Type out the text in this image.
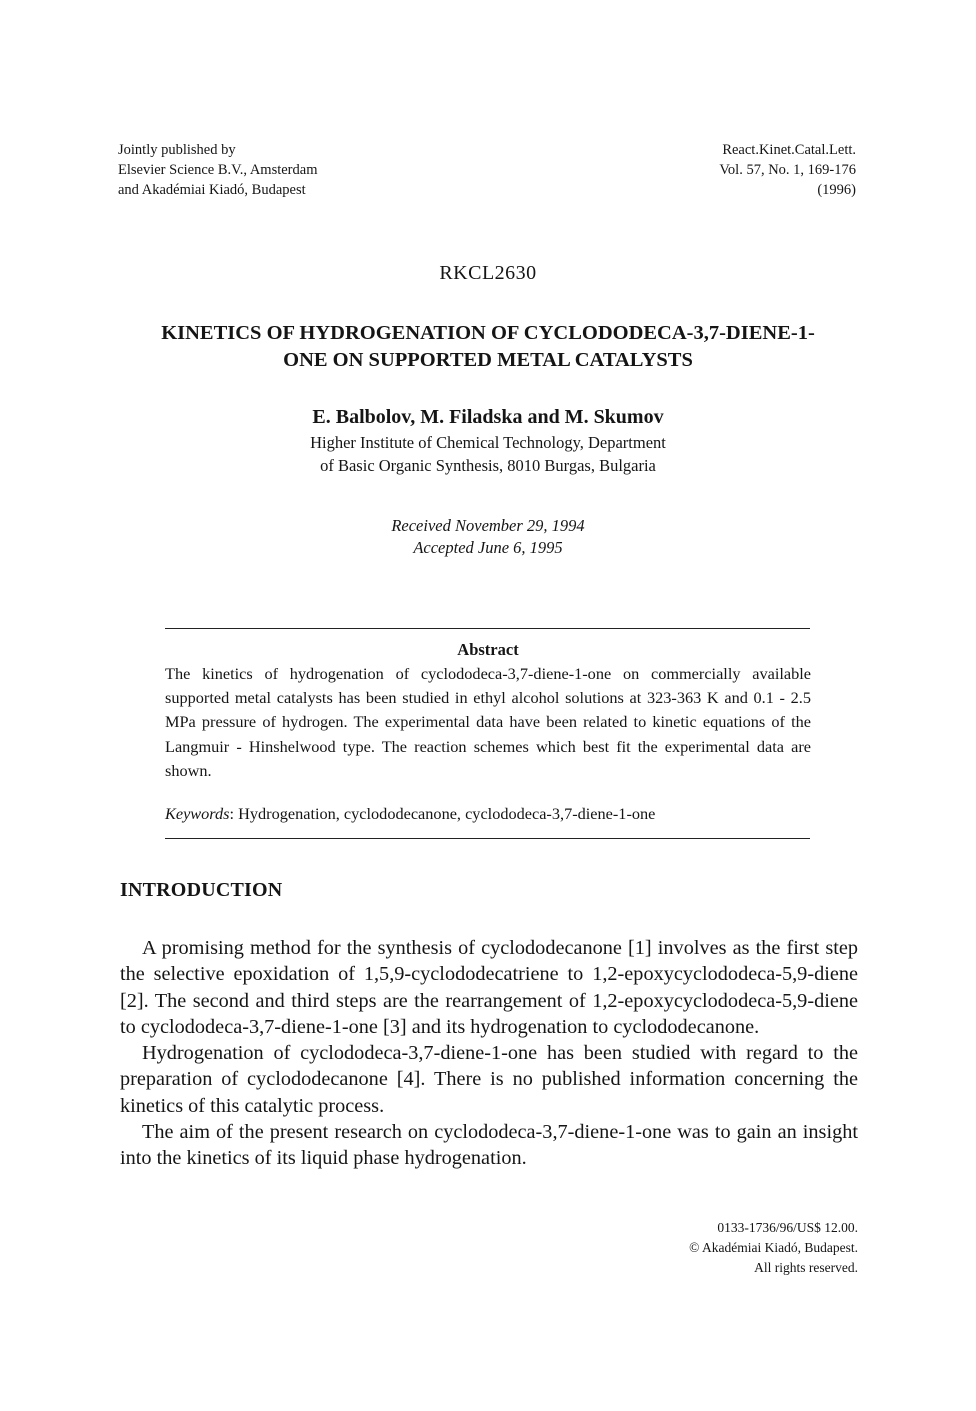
Jointly published by
Elsevier Science B.V., Amsterdam
and Akadémiai Kiadó, Budapest
React.Kinet.Catal.Lett.
Vol. 57, No. 1, 169-176
(1996)
RKCL2630
KINETICS OF HYDROGENATION OF CYCLODODECA-3,7-DIENE-1-
ONE ON SUPPORTED METAL CATALYSTS
E. Balbolov, M. Filadska and M. Skumov
Higher Institute of Chemical Technology, Department
of Basic Organic Synthesis, 8010 Burgas, Bulgaria
Received November 29, 1994
Accepted June 6, 1995
Abstract

The kinetics of hydrogenation of cyclododeca-3,7-diene-1-one on commercially available supported metal catalysts has been studied in ethyl alcohol solutions at 323-363 K and 0.1 - 2.5 MPa pressure of hydrogen. The experimental data have been related to kinetic equations of the Langmuir - Hinshelwood type. The reaction schemes which best fit the experimental data are shown.

Keywords: Hydrogenation, cyclododecanone, cyclododeca-3,7-diene-1-one
INTRODUCTION

A promising method for the synthesis of cyclododecanone [1] involves as the first step the selective epoxidation of 1,5,9-cyclododecatriene to 1,2-epoxycyclododeca-5,9-diene [2]. The second and third steps are the rearrangement of 1,2-epoxycyclododeca-5,9-diene to cyclododeca-3,7-diene-1-one [3] and its hydrogenation to cyclododecanone.

Hydrogenation of cyclododeca-3,7-diene-1-one has been studied with regard to the preparation of cyclododecanone [4]. There is no published information concerning the kinetics of this catalytic process.

The aim of the present research on cyclododeca-3,7-diene-1-one was to gain an insight into the kinetics of its liquid phase hydrogenation.

0133-1736/96/US$ 12.00.
© Akadémiai Kiadó, Budapest.
All rights reserved.
